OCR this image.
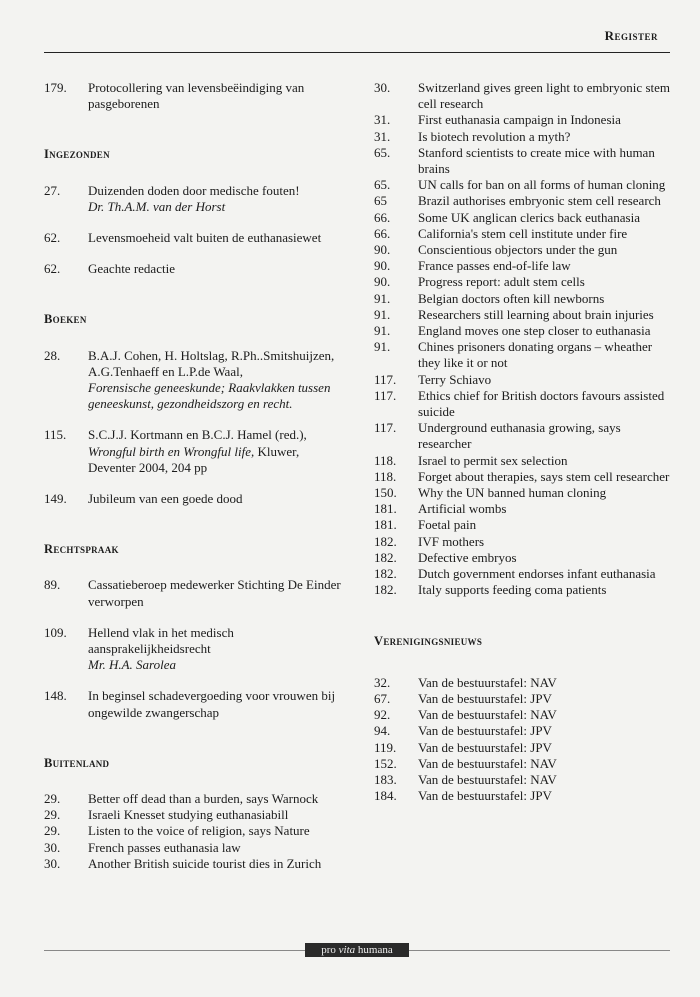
Register
179.	Protocollering van levensbeëindiging van pasgeborenen
Ingezonden
27.	Duizenden doden door medische fouten!
Dr. Th.A.M. van der Horst
62.	Levensmoeheid valt buiten de euthanasiewet
62.	Geachte redactie
Boeken
28.	B.A.J. Cohen, H. Holtslag, R.Ph..Smitshuijzen, A.G.Tenhaeff en L.P.de Waal,
Forensische geneeskunde; Raakvlakken tussen geneeskunst, gezondheidszorg en recht.
115.	S.C.J.J. Kortmann en B.C.J. Hamel (red.),
Wrongful birth en Wrongful life, Kluwer, Deventer 2004, 204 pp
149.	Jubileum van een goede dood
Rechtspraak
89.	Cassatieberoep medewerker Stichting De Einder verworpen
109.	Hellend vlak in het medisch aansprakelijkheidsrecht
Mr. H.A. Sarolea
148.	In beginsel schadevergoeding voor vrouwen bij ongewilde zwangerschap
Buitenland
29.	Better off dead than a burden, says Warnock
29.	Israeli Knesset studying euthanasiabill
29.	Listen to the voice of religion, says Nature
30.	French passes euthanasia law
30.	Another British suicide tourist dies in Zurich
30.	Switzerland gives green light to embryonic stem cell research
31.	First euthanasia campaign in Indonesia
31.	Is biotech revolution a myth?
65.	Stanford scientists to create mice with human brains
65.	UN calls for ban on all forms of human cloning
65	Brazil authorises embryonic stem cell research
66.	Some UK anglican clerics back euthanasia
66.	California's stem cell institute under fire
90.	Conscientious objectors under the gun
90.	France passes end-of-life law
90.	Progress report: adult stem cells
91.	Belgian doctors often kill newborns
91.	Researchers still learning about brain injuries
91.	England moves one step closer to euthanasia
91.	Chines prisoners donating organs – wheather they like it or not
117.	Terry Schiavo
117.	Ethics chief for British doctors favours assisted suicide
117.	Underground euthanasia growing, says researcher
118.	Israel to permit sex selection
118.	Forget about therapies, says stem cell researcher
150.	Why the UN banned human cloning
181.	Artificial wombs
181.	Foetal pain
182.	IVF mothers
182.	Defective embryos
182.	Dutch government endorses infant euthanasia
182.	Italy supports feeding coma patients
Verenigingsnieuws
32.	Van de bestuurstafel: NAV
67.	Van de bestuurstafel: JPV
92.	Van de bestuurstafel: NAV
94.	Van de bestuurstafel: JPV
119.	Van de bestuurstafel: JPV
152.	Van de bestuurstafel: NAV
183.	Van de bestuurstafel: NAV
184.	Van de bestuurstafel: JPV
pro vita humana
